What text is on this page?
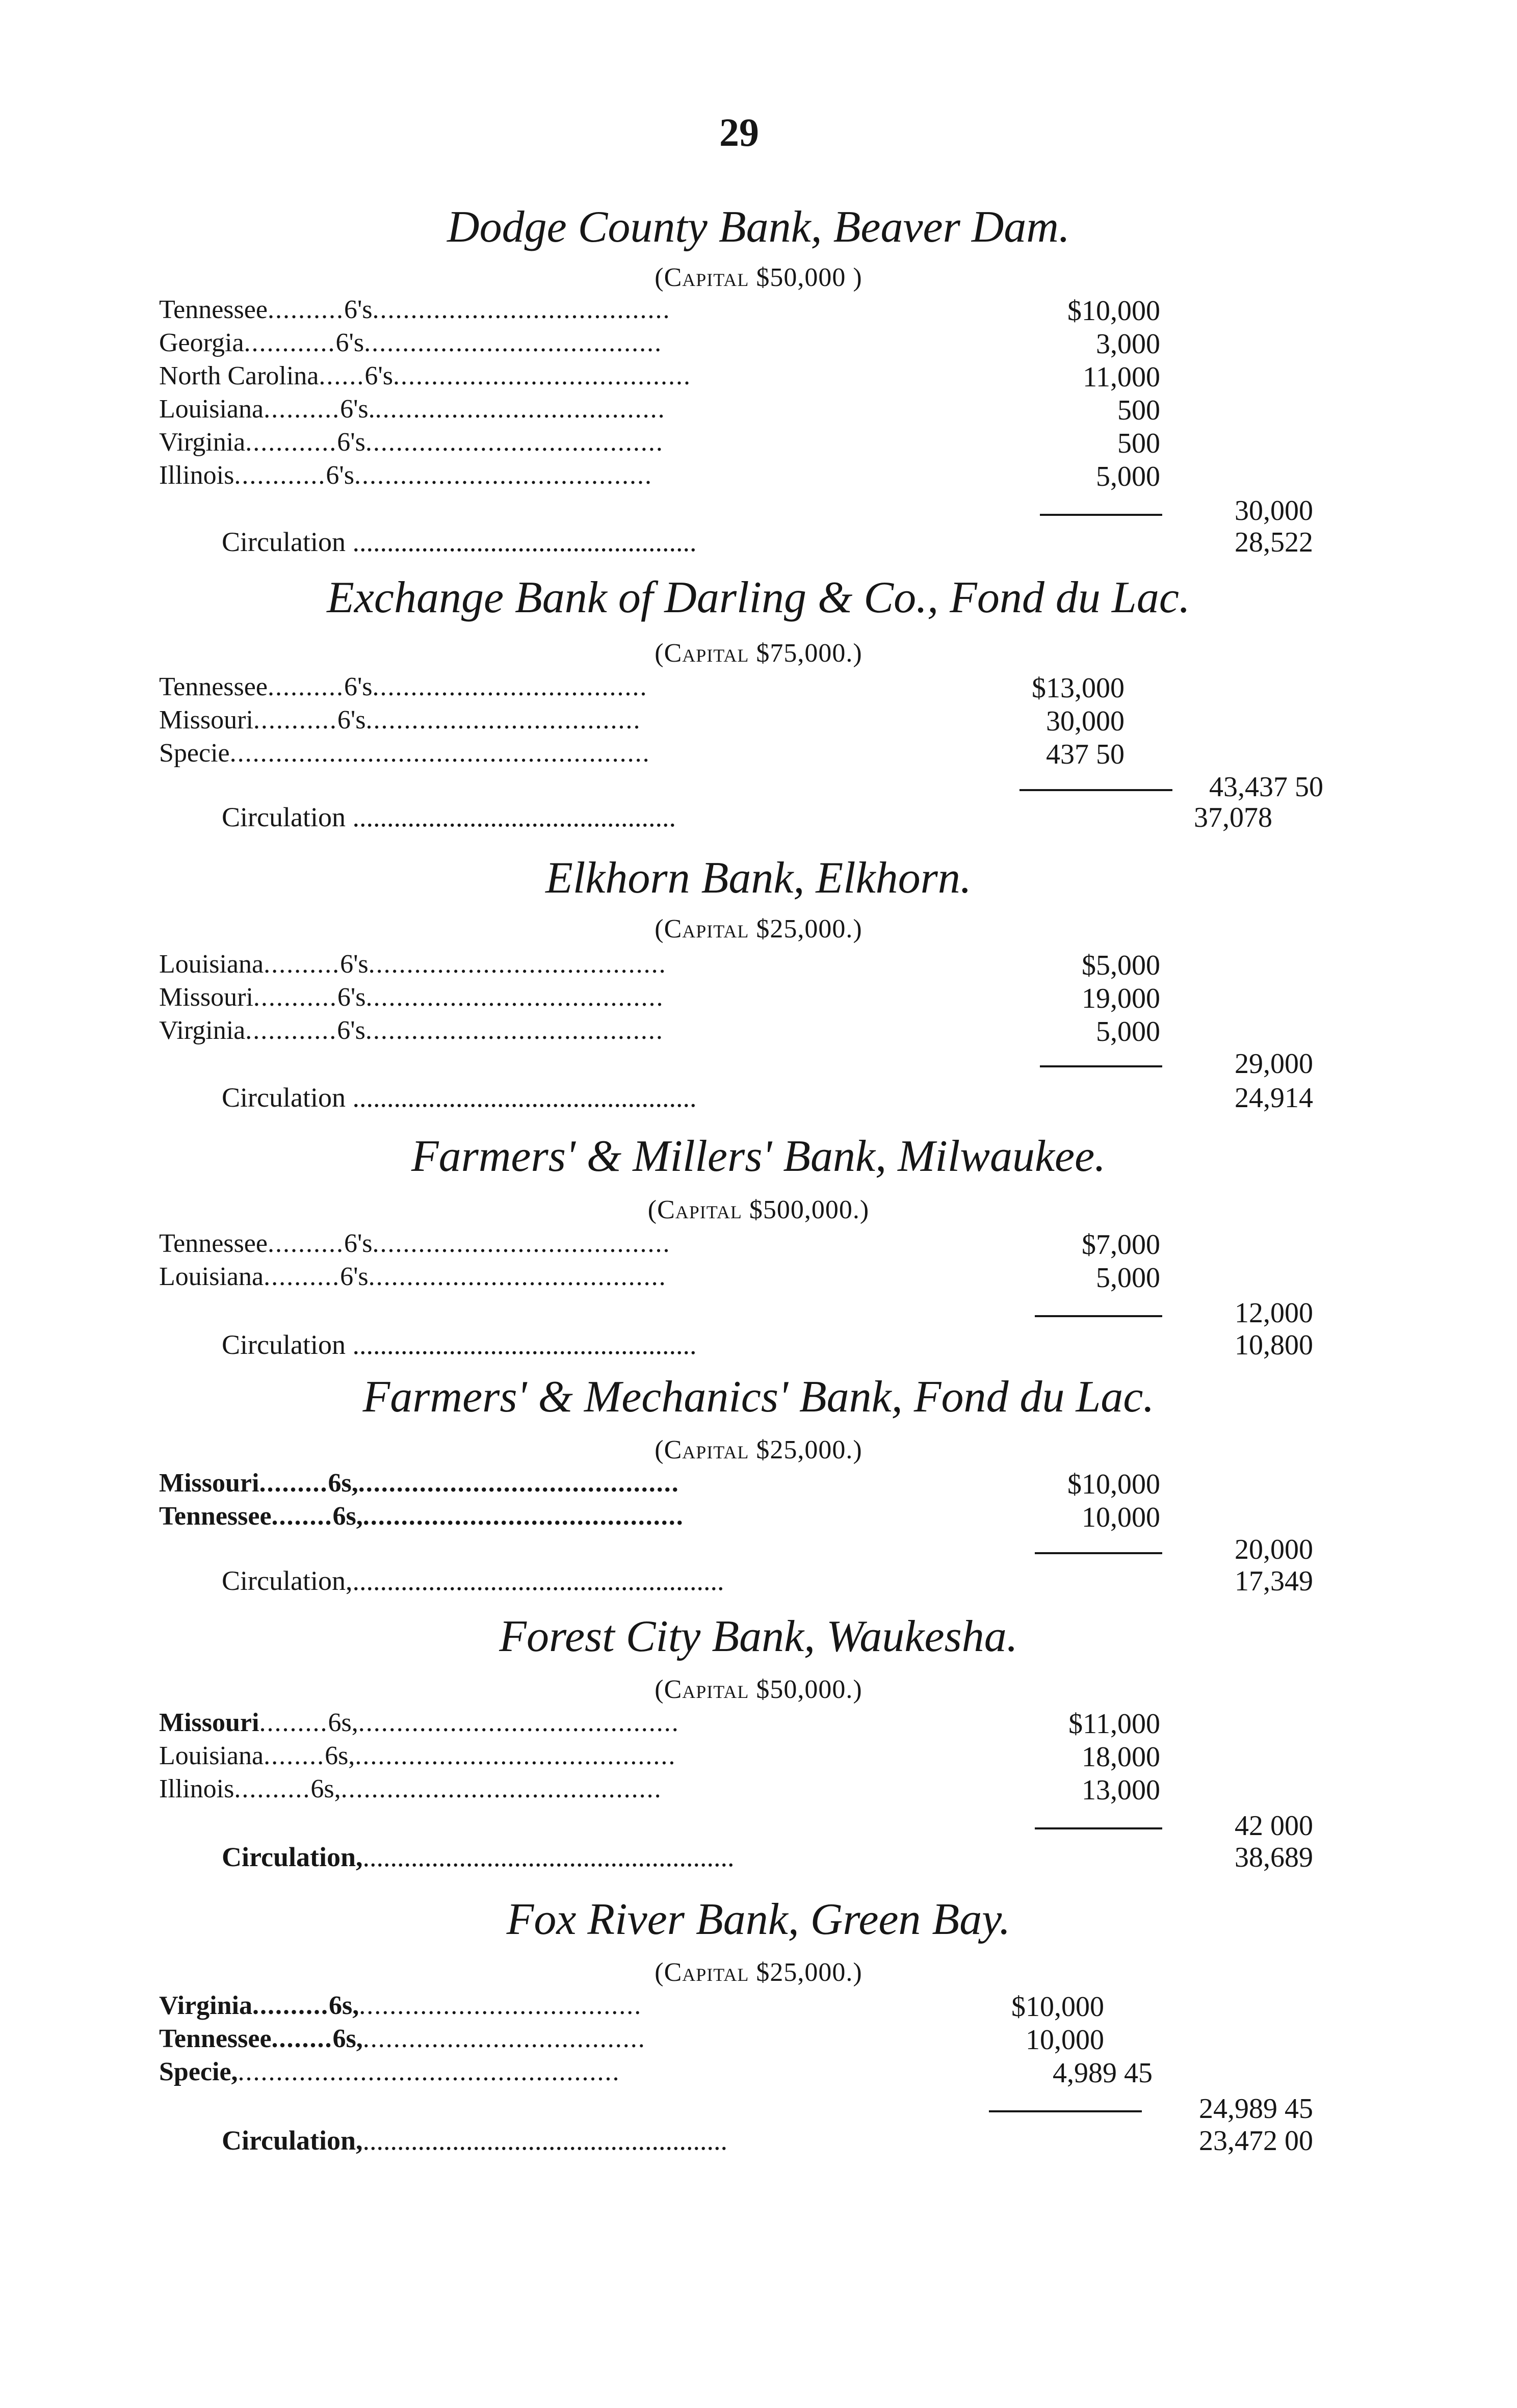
29
Dodge County Bank, Beaver Dam.
(Capital $50,000 )
Tennessee..........6's.......................................	$10,000
Georgia............6's.......................................	3,000
North Carolina......6's.......................................	11,000
Louisiana..........6's.......................................	500
Virginia............6's.......................................	500
Illinois............6's.......................................	5,000
30,000
Circulation ..................................................	28,522
Exchange Bank of Darling & Co., Fond du Lac.
(Capital $75,000.)
Tennessee..........6's....................................	$13,000
Missouri...........6's....................................	30,000
Specie.......................................................	437 50
43,437 50
Circulation ...............................................	37,078
Elkhorn Bank, Elkhorn.
(Capital $25,000.)
Louisiana..........6's.......................................	$5,000
Missouri...........6's.......................................	19,000
Virginia............6's.......................................	5,000
29,000
Circulation ..................................................	24,914
Farmers' & Millers' Bank, Milwaukee.
(Capital $500,000.)
Tennessee..........6's.......................................	$7,000
Louisiana..........6's.......................................	5,000
12,000
Circulation ..................................................	10,800
Farmers' & Mechanics' Bank, Fond du Lac.
(Capital $25,000.)
Missouri.........6s,..........................................	$10,000
Tennessee........6s,..........................................	10,000
20,000
Circulation,......................................................	17,349
Forest City Bank, Waukesha.
(Capital $50,000.)
Missouri.........6s,..........................................	$11,000
Louisiana........6s,..........................................	18,000
Illinois..........6s,..........................................	13,000
42 000
Circulation,......................................................	38,689
Fox River Bank, Green Bay.
(Capital $25,000.)
Virginia..........6s,.....................................	$10,000
Tennessee........6s,.....................................	10,000
Specie,..................................................	4,989 45
24,989 45
Circulation,.....................................................	23,472 00
